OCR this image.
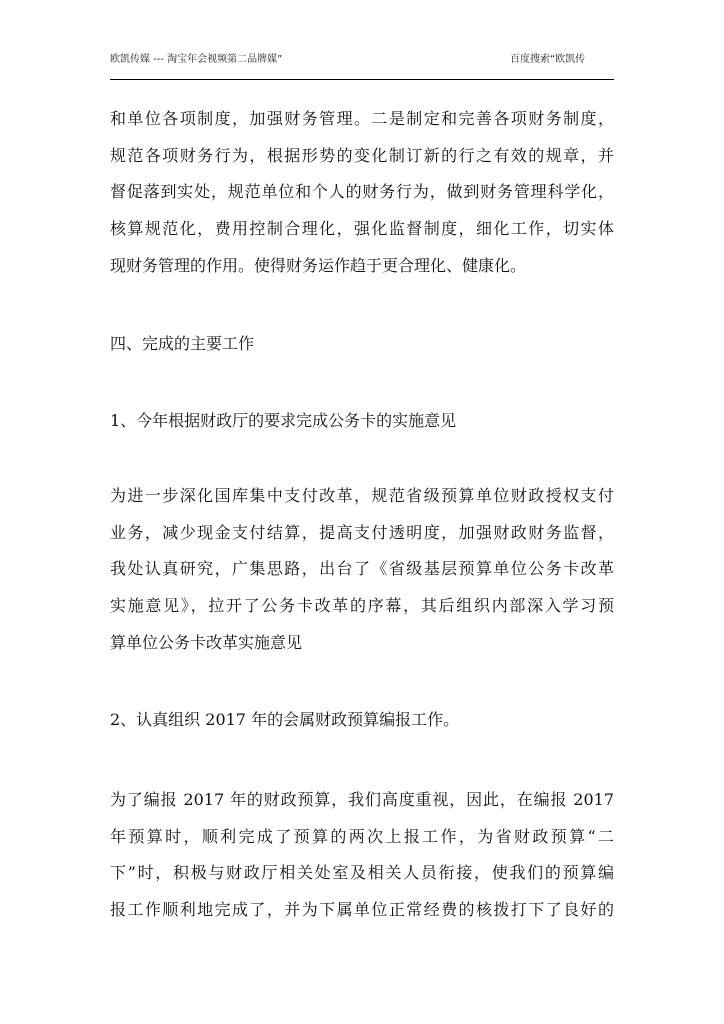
欧凯传媒 --- 淘宝年会视频第二品牌媒”	百度搜索“欧凯传
和单位各项制度，加强财务管理。二是制定和完善各项财务制度，
规范各项财务行为，根据形势的变化制订新的行之有效的规章，并
督促落到实处，规范单位和个人的财务行为，做到财务管理科学化，
核算规范化，费用控制合理化，强化监督制度，细化工作，切实体
现财务管理的作用。使得财务运作趋于更合理化、健康化。
四、完成的主要工作
1、今年根据财政厅的要求完成公务卡的实施意见
为进一步深化国库集中支付改革，规范省级预算单位财政授权支付
业务，减少现金支付结算，提高支付透明度，加强财政财务监督，
我处认真研究，广集思路，出台了《省级基层预算单位公务卡改革
实施意见》，拉开了公务卡改革的序幕，其后组织内部深入学习预
算单位公务卡改革实施意见
2、认真组织 2017 年的会属财政预算编报工作。
为了编报 2017 年的财政预算，我们高度重视，因此，在编报 2017
年预算时，顺利完成了预算的两次上报工作，为省财政预算“二
下”时，积极与财政厅相关处室及相关人员衔接，使我们的预算编
报工作顺利地完成了，并为下属单位正常经费的核拨打下了良好的
